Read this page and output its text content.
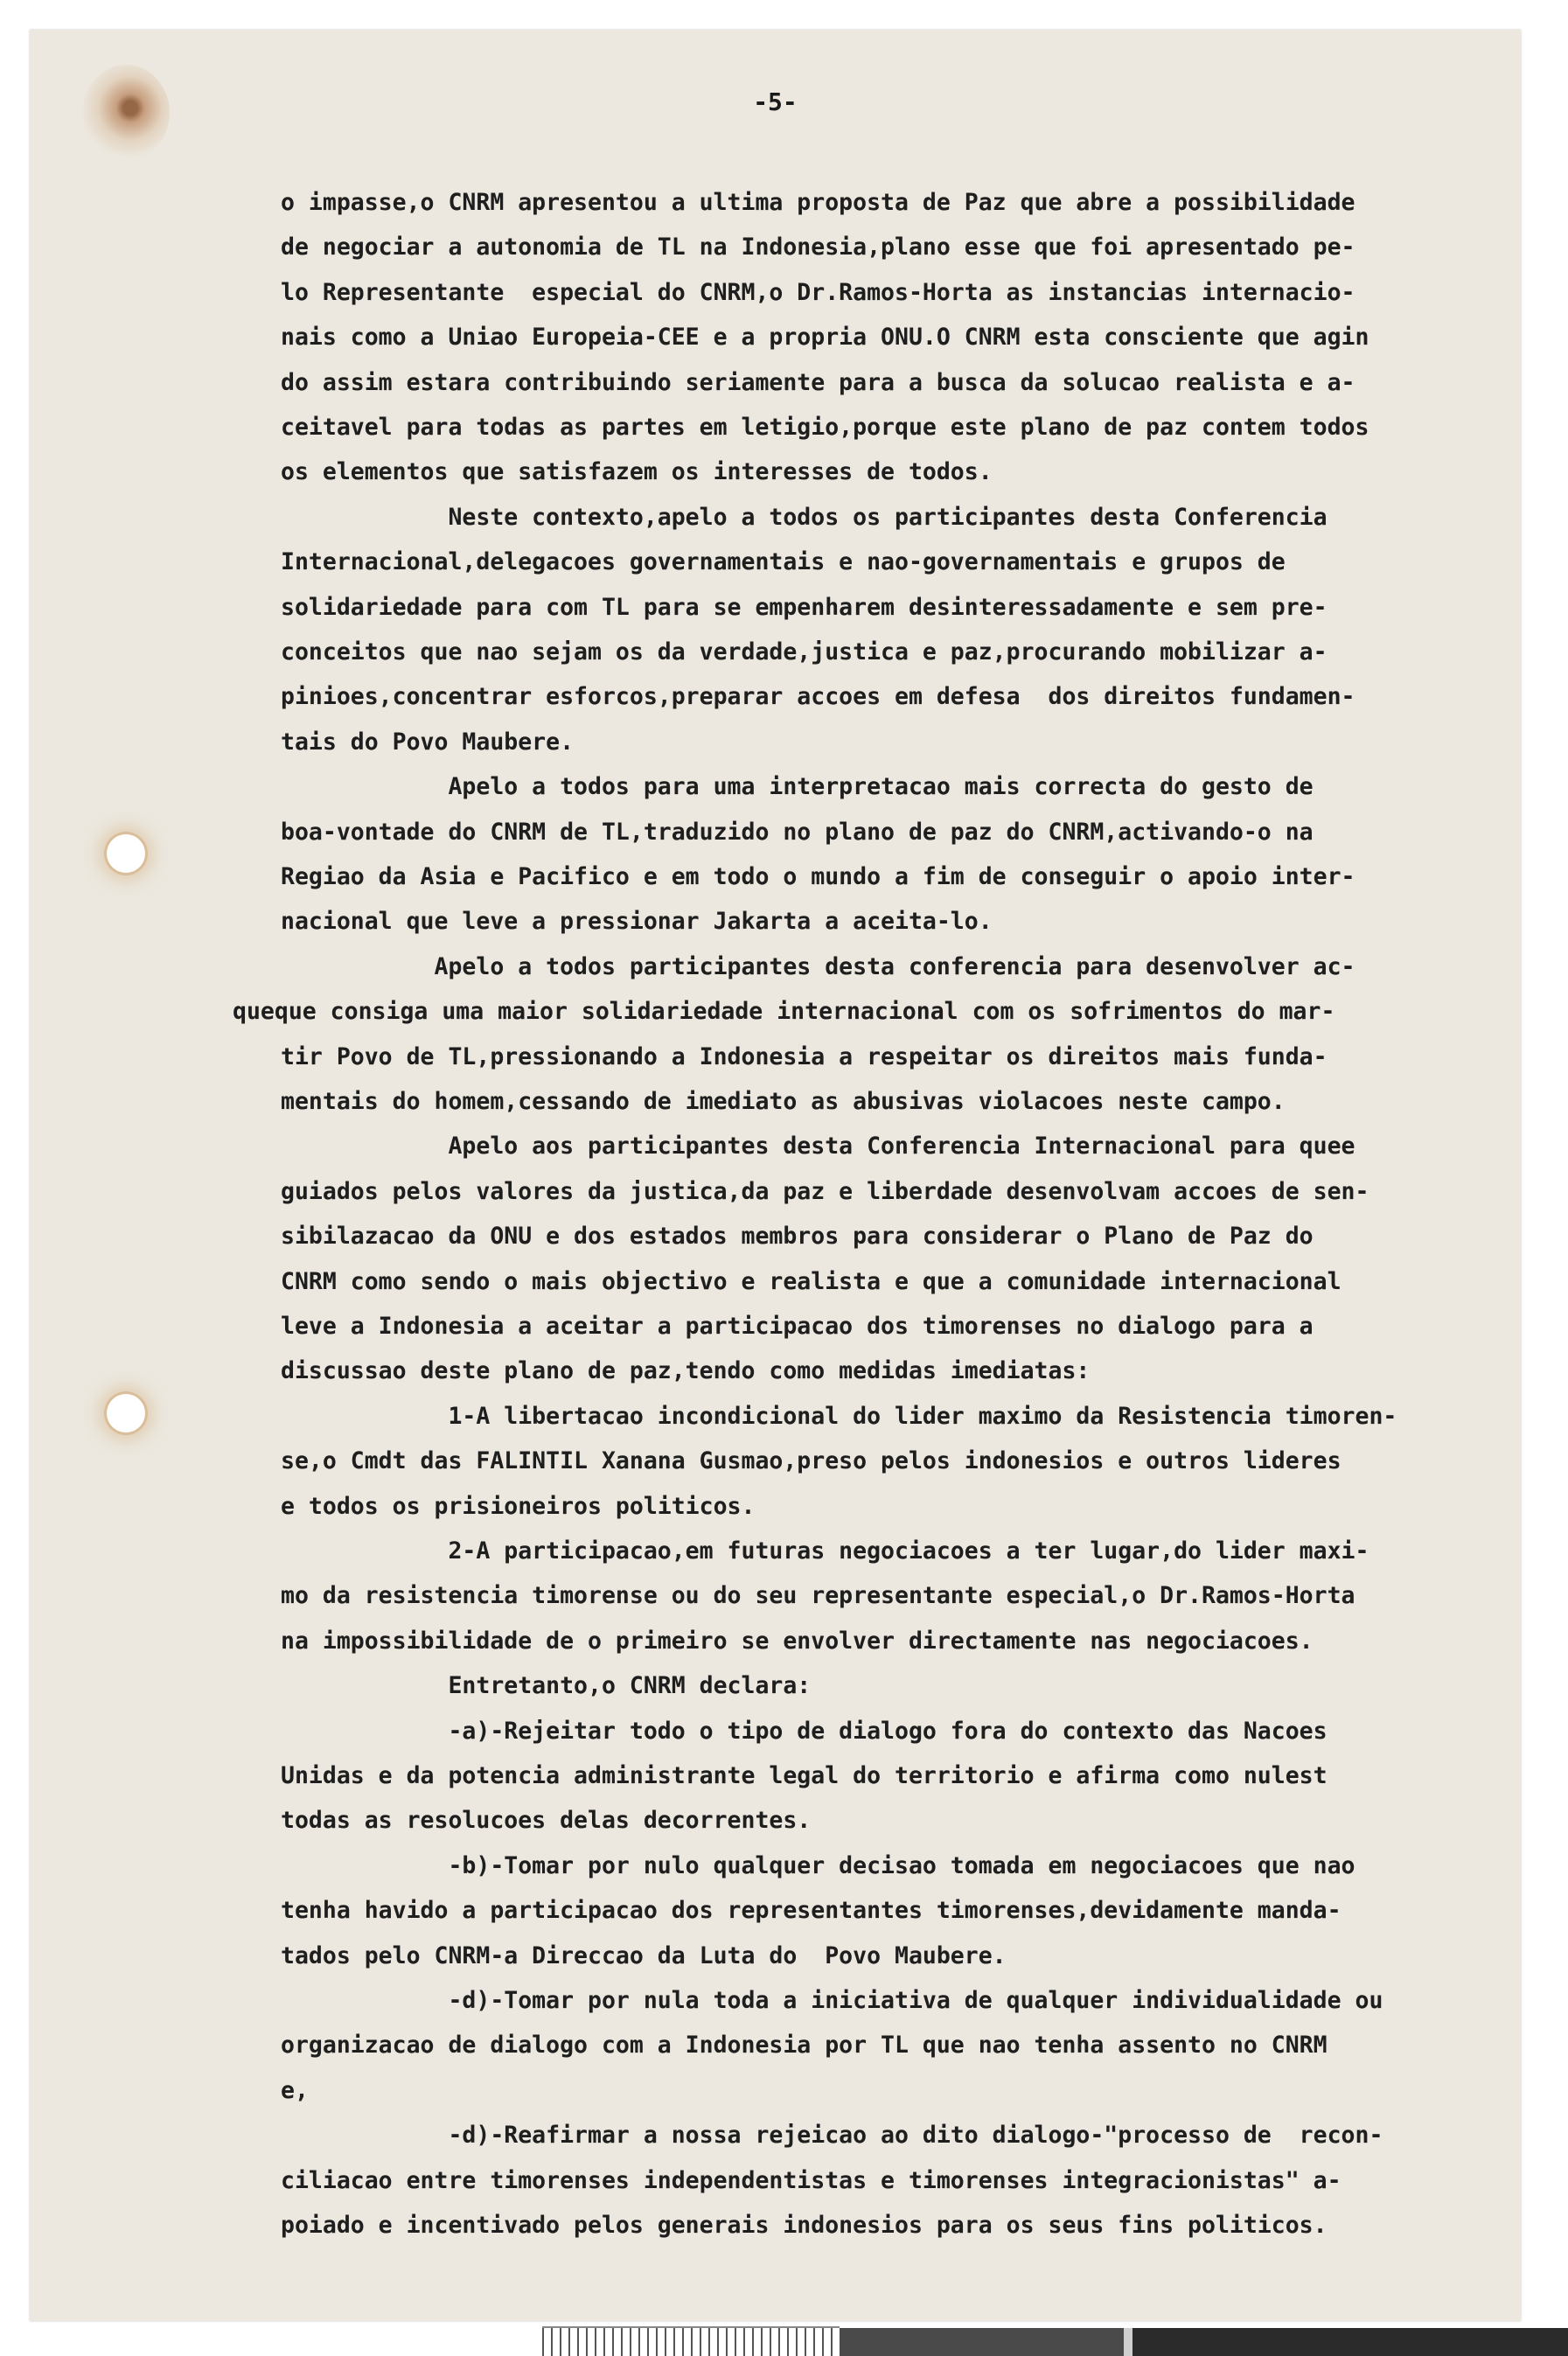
-5-
o impasse,o CNRM apresentou a ultima proposta de Paz que abre a possibilidade
de negociar a autonomia de TL na Indonesia,plano esse que foi apresentado pe-
lo Representante  especial do CNRM,o Dr.Ramos-Horta as instancias internacio-
nais como a Uniao Europeia-CEE e a propria ONU.O CNRM esta consciente que agin
do assim estara contribuindo seriamente para a busca da solucao realista e a-
ceitavel para todas as partes em letigio,porque este plano de paz contem todos
os elementos que satisfazem os interesses de todos.
Neste contexto,apelo a todos os participantes desta Conferencia
Internacional,delegacoes governamentais e nao-governamentais e grupos de
solidariedade para com TL para se empenharem desinteressadamente e sem pre-
conceitos que nao sejam os da verdade,justica e paz,procurando mobilizar a-
pinioes,concentrar esforcos,preparar accoes em defesa  dos direitos fundamen-
tais do Povo Maubere.
Apelo a todos para uma interpretacao mais correcta do gesto de
boa-vontade do CNRM de TL,traduzido no plano de paz do CNRM,activando-o na
Regiao da Asia e Pacifico e em todo o mundo a fim de conseguir o apoio inter-
nacional que leve a pressionar Jakarta a aceita-lo.
Apelo a todos participantes desta conferencia para desenvolver ac-
queque consiga uma maior solidariedade internacional com os sofrimentos do mar-
tir Povo de TL,pressionando a Indonesia a respeitar os direitos mais funda-
mentais do homem,cessando de imediato as abusivas violacoes neste campo.
Apelo aos participantes desta Conferencia Internacional para quee
guiados pelos valores da justica,da paz e liberdade desenvolvam accoes de sen-
sibilazacao da ONU e dos estados membros para considerar o Plano de Paz do
CNRM como sendo o mais objectivo e realista e que a comunidade internacional
leve a Indonesia a aceitar a participacao dos timorenses no dialogo para a
discussao deste plano de paz,tendo como medidas imediatas:
1-A libertacao incondicional do lider maximo da Resistencia timoren-
se,o Cmdt das FALINTIL Xanana Gusmao,preso pelos indonesios e outros lideres
e todos os prisioneiros politicos.
2-A participacao,em futuras negociacoes a ter lugar,do lider maxi-
mo da resistencia timorense ou do seu representante especial,o Dr.Ramos-Horta
na impossibilidade de o primeiro se envolver directamente nas negociacoes.
Entretanto,o CNRM declara:
-a)-Rejeitar todo o tipo de dialogo fora do contexto das Nacoes
Unidas e da potencia administrante legal do territorio e afirma como nulest
todas as resolucoes delas decorrentes.
-b)-Tomar por nulo qualquer decisao tomada em negociacoes que nao
tenha havido a participacao dos representantes timorenses,devidamente manda-
tados pelo CNRM-a Direccao da Luta do  Povo Maubere.
-d)-Tomar por nula toda a iniciativa de qualquer individualidade ou
organizacao de dialogo com a Indonesia por TL que nao tenha assento no CNRM
e,
-d)-Reafirmar a nossa rejeicao ao dito dialogo-"processo de  recon-
ciliacao entre timorenses independentistas e timorenses integracionistas" a-
poiado e incentivado pelos generais indonesios para os seus fins politicos.
